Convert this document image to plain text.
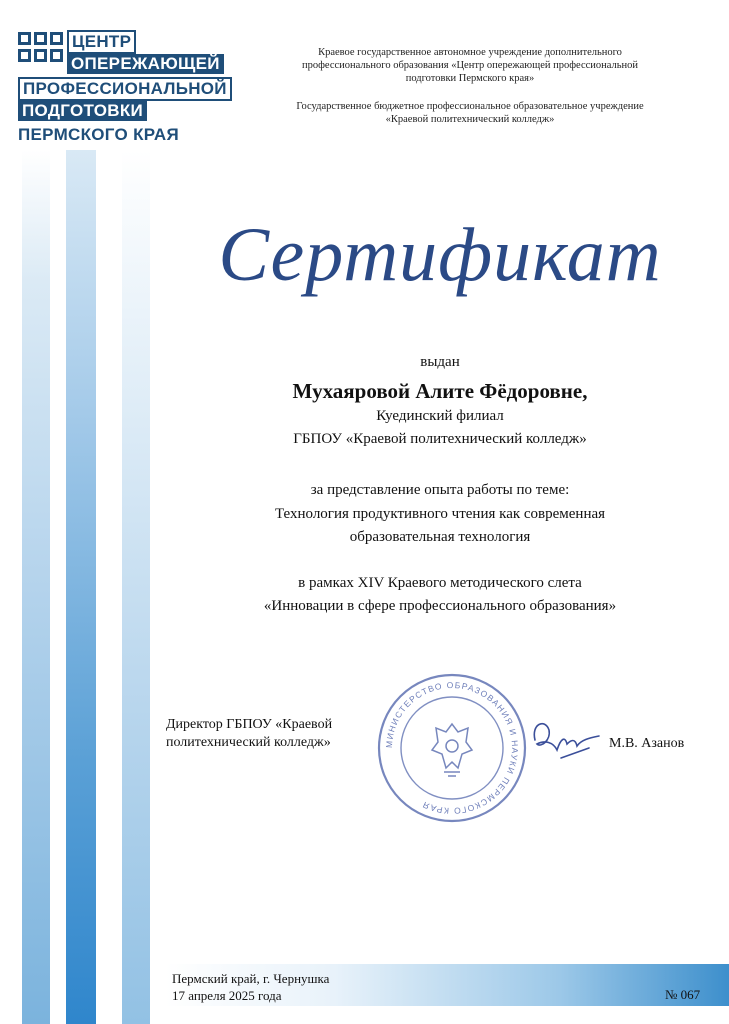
ЦЕНТР
ОПЕРЕЖАЮЩЕЙ
ПРОФЕССИОНАЛЬНОЙ
ПОДГОТОВКИ
ПЕРМСКОГО КРАЯ
Краевое государственное автономное учреждение дополнительного
профессионального образования «Центр опережающей профессиональной
подготовки Пермского края»
Государственное бюджетное профессиональное образовательное учреждение
«Краевой политехнический колледж»
Сертификат
выдан
Мухаяровой Алите Фёдоровне,
Куединский филиал
ГБПОУ «Краевой политехнический колледж»
за представление опыта работы по теме:
Технология продуктивного чтения как современная
образовательная технология
в рамках XIV Краевого методического слета
«Инновации в сфере профессионального образования»
Директор ГБПОУ «Краевой
политехнический колледж»	МИНИСТЕРСТВО ОБРАЗОВАНИЯ И НАУКИ ПЕРМСКОГО КРАЯ
М.В. Азанов
Пермский край, г. Чернушка
17 апреля 2025 года	№ 067
